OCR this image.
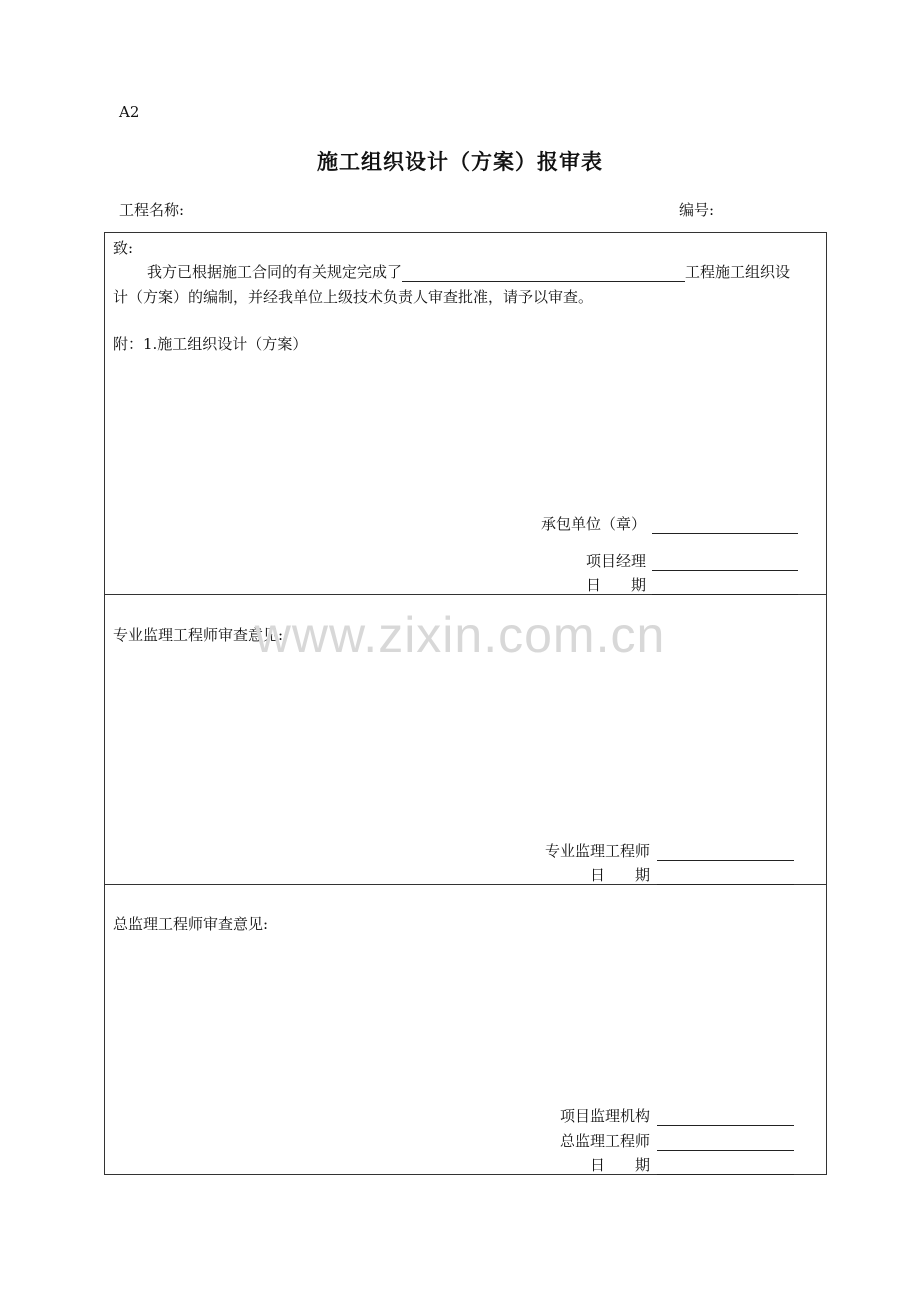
A2
施工组织设计（方案）报审表
工程名称:	编号:
致:
我方已根据施工合同的有关规定完成了	工程施工组织设
计（方案）的编制，并经我单位上级技术负责人审查批准，请予以审查。
附：1.施工组织设计（方案）
承包单位（章）
项目经理
日　　期
专业监理工程师审查意见:
专业监理工程师
日　　期
总监理工程师审查意见:
项目监理机构
总监理工程师
日　　期
www.zixin.com.cn
